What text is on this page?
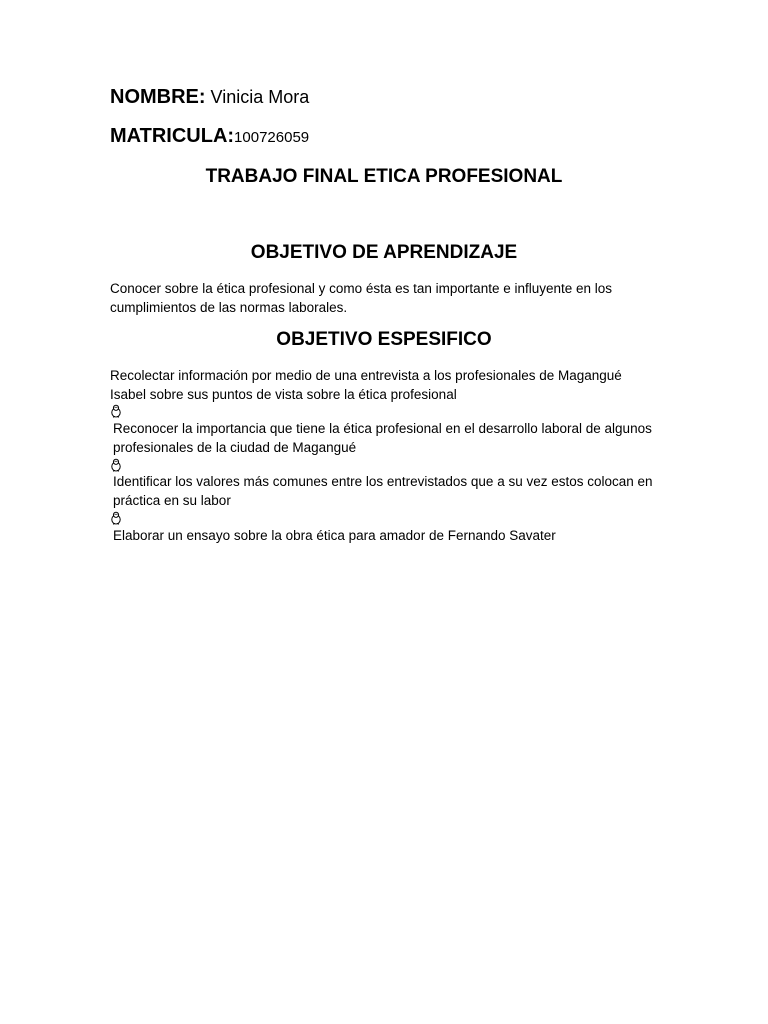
NOMBRE: Vinicia Mora
MATRICULA:100726059
TRABAJO FINAL ETICA PROFESIONAL
OBJETIVO DE APRENDIZAJE

Conocer sobre la ética profesional y como ésta es tan importante e influyente en los cumplimientos de las normas laborales.

OBJETIVO ESPESIFICO

Recolectar información por medio de una entrevista a los profesionales de Magangué Isabel sobre sus puntos de vista sobre la ética profesional

Reconocer la importancia que tiene la ética profesional en el desarrollo laboral de algunos profesionales de la ciudad de Magangué

Identificar los valores más comunes entre los entrevistados que a su vez estos colocan en práctica en su labor

Elaborar un ensayo sobre la obra ética para amador de Fernando Savater
